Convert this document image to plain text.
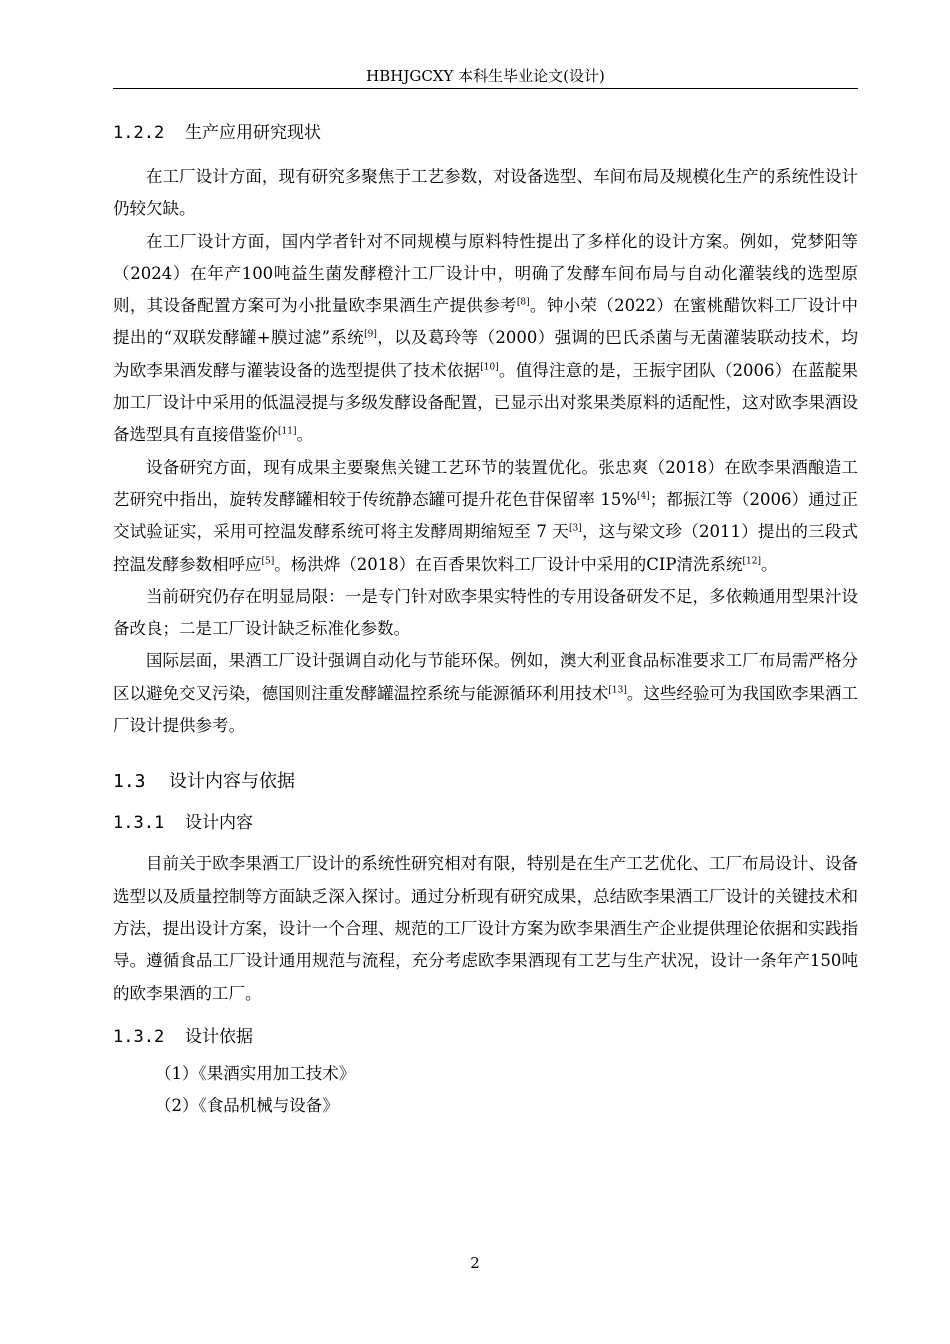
HBHJGCXY 本科生毕业论文(设计)
1.2.2 生产应用研究现状

在工厂设计方面，现有研究多聚焦于工艺参数，对设备选型、车间布局及规模化生产的系统性设计仍较欠缺。

在工厂设计方面，国内学者针对不同规模与原料特性提出了多样化的设计方案。例如，党梦阳等（2024）在年产100吨益生菌发酵橙汁工厂设计中，明确了发酵车间布局与自动化灌装线的选型原则，其设备配置方案可为小批量欧李果酒生产提供参考[8]。钟小荣（2022）在蜜桃醋饮料工厂设计中提出的“双联发酵罐+膜过滤”系统[9]，以及葛玲等（2000）强调的巴氏杀菌与无菌灌装联动技术，均为欧李果酒发酵与灌装设备的选型提供了技术依据[10]。值得注意的是，王振宇团队（2006）在蓝靛果加工厂设计中采用的低温浸提与多级发酵设备配置，已显示出对浆果类原料的适配性，这对欧李果酒设备选型具有直接借鉴价[11]。

设备研究方面，现有成果主要聚焦关键工艺环节的装置优化。张忠爽（2018）在欧李果酒酿造工艺研究中指出，旋转发酵罐相较于传统静态罐可提升花色苷保留率 15%[4]；都振江等（2006）通过正交试验证实，采用可控温发酵系统可将主发酵周期缩短至 7 天[3]，这与梁文珍（2011）提出的三段式控温发酵参数相呼应[5]。杨洪烨（2018）在百香果饮料工厂设计中采用的CIP清洗系统[12]。

当前研究仍存在明显局限：一是专门针对欧李果实特性的专用设备研发不足，多依赖通用型果汁设备改良；二是工厂设计缺乏标准化参数。

国际层面，果酒工厂设计强调自动化与节能环保。例如，澳大利亚食品标准要求工厂布局需严格分区以避免交叉污染，德国则注重发酵罐温控系统与能源循环利用技术[13]。这些经验可为我国欧李果酒工厂设计提供参考。

1.3 设计内容与依据
1.3.1 设计内容

目前关于欧李果酒工厂设计的系统性研究相对有限，特别是在生产工艺优化、工厂布局设计、设备选型以及质量控制等方面缺乏深入探讨。通过分析现有研究成果，总结欧李果酒工厂设计的关键技术和方法，提出设计方案，设计一个合理、规范的工厂设计方案为欧李果酒生产企业提供理论依据和实践指导。遵循食品工厂设计通用规范与流程，充分考虑欧李果酒现有工艺与生产状况，设计一条年产150吨的欧李果酒的工厂。

1.3.2 设计依据

（1）《果酒实用加工技术》

（2）《食品机械与设备》

2
